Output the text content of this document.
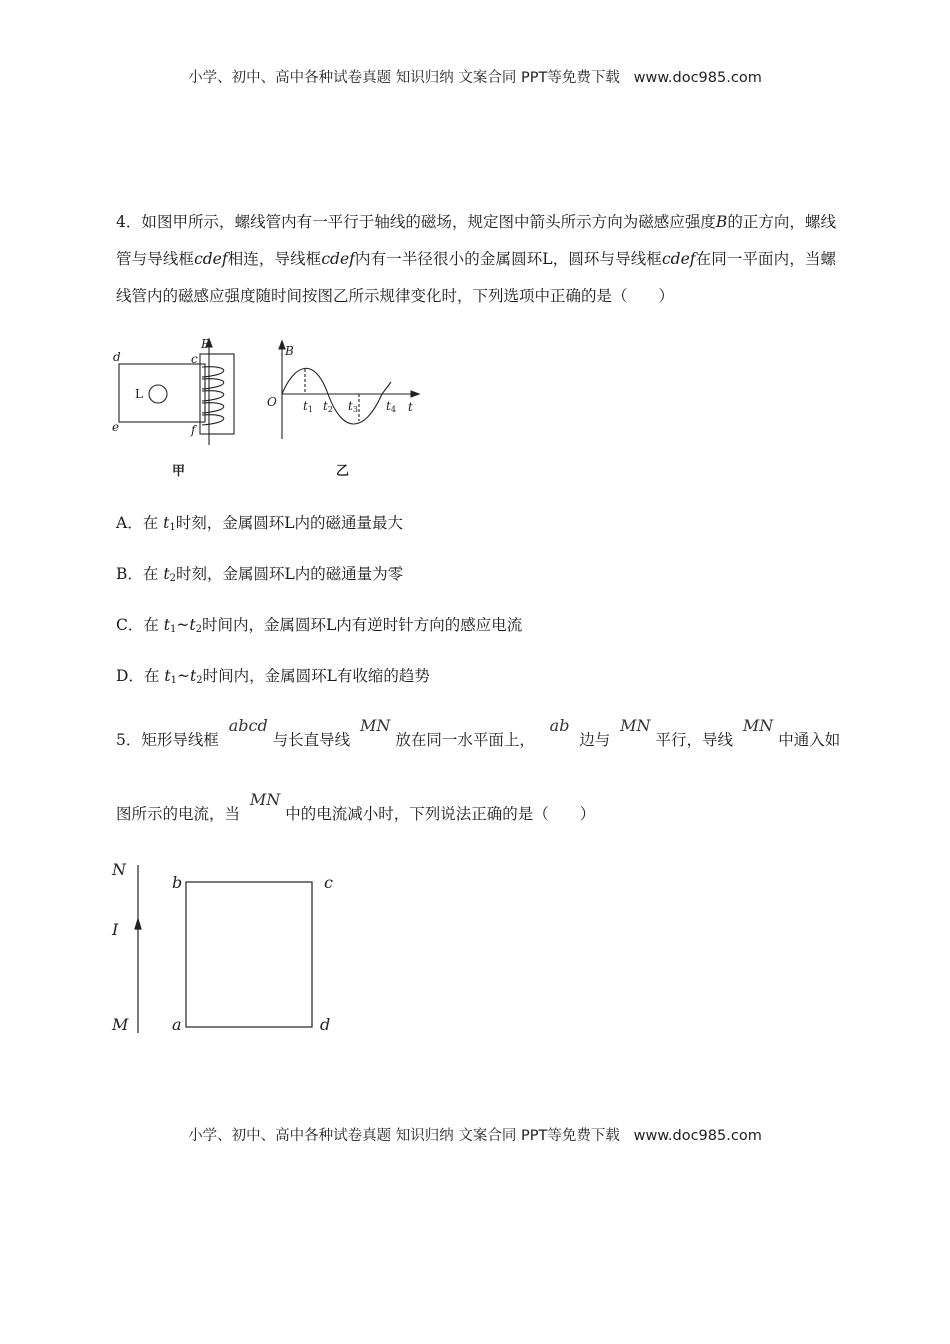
小学、初中、高中各种试卷真题 知识归纳 文案合同 PPT等免费下载 www.doc985.com
4．如图甲所示，螺线管内有一平行于轴线的磁场，规定图中箭头所示方向为磁感应强度B的正方向，螺线管与导线框cdef相连，导线框cdef内有一半径很小的金属圆环L，圆环与导线框cdef在同一平面内，当螺线管内的磁感应强度随时间按图乙所示规律变化时，下列选项中正确的是（　　）
d	c
e	f
B
L
甲
B
O	t
t1 t2 t3 t4
乙
A．在 $t_1$时刻，金属圆环L内的磁通量最大
B．在 $t_2$时刻，金属圆环L内的磁通量为零
C．在 $t_1\sim t_2$时间内，金属圆环L内有逆时针方向的感应电流
D．在 $t_1\sim t_2$时间内，金属圆环L有收缩的趋势
5．矩形导线框  abcd 与长直导线  MN 放在同一水平面上，   ab  边与  MN 平行，导线  MN 中通入如
图所示的电流，当  MN 中的电流减小时，下列说法正确的是（　　）
N
I
M	a
b	c
d
小学、初中、高中各种试卷真题 知识归纳 文案合同 PPT等免费下载 www.doc985.com
